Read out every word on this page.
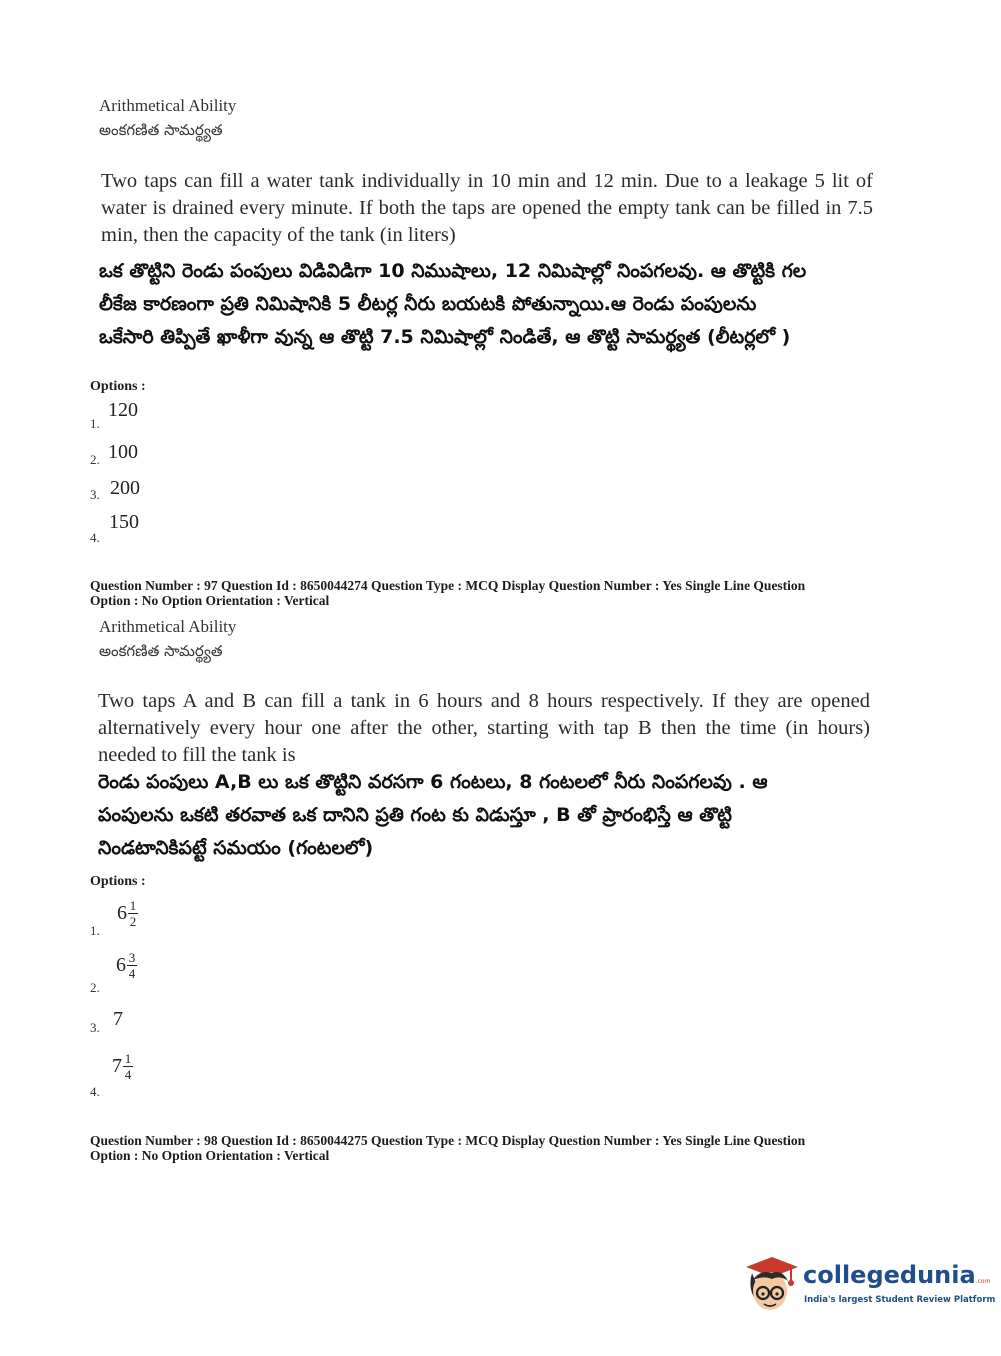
Arithmetical Ability
అంకగణిత సామర్థ్యత
Two taps can fill a water tank individually in 10 min and 12 min. Due to a leakage 5 lit of water is drained every minute. If both the taps are opened the empty tank can be filled in 7.5 min, then the capacity of the tank (in liters)
ఒక తొట్టిని రెండు పంపులు విడివిడిగా 10 నిముషాలు, 12 నిమిషాల్లో నింపగలవు. ఆ తొట్టికి గల
లీకేజ కారణంగా ప్రతి నిమిషానికి 5 లీటర్ల నీరు బయటకి పోతున్నాయి.ఆ రెండు పంపులను
ఒకేసారి తిప్పితే ఖాళీగా వున్న ఆ తొట్టి 7.5 నిమిషాల్లో నిండితే, ఆ తొట్టి సామర్థ్యత (లీటర్లలో )
Options :
120
1.
2. 100
3. 200
150
4.
Question Number : 97 Question Id : 8650044274 Question Type : MCQ Display Question Number : Yes Single Line Question
Option : No Option Orientation : Vertical
Arithmetical Ability
అంకగణిత సామర్థ్యత
Two taps A and B can fill a tank in 6 hours and 8 hours respectively. If they are opened alternatively every hour one after the other, starting with tap B then the time (in hours) needed to fill the tank is
రెండు పంపులు A,B లు ఒక తొట్టిని వరసగా 6 గంటలు, 8 గంటలలో నీరు నింపగలవు . ఆ
పంపులను ఒకటి తరవాత ఒక దానిని ప్రతి గంట కు విడుస్తూ , B తో ప్రారంభిస్తే ఆ తొట్టి
నిండటానికిపట్టే సమయం (గంటలలో)
Options :
1.
6 1
2
2.
6 3
4
3. 7
4.
7 1
4
Question Number : 98 Question Id : 8650044275 Question Type : MCQ Display Question Number : Yes Single Line Question
Option : No Option Orientation : Vertical
collegedunia.com
India's largest Student Review Platform
